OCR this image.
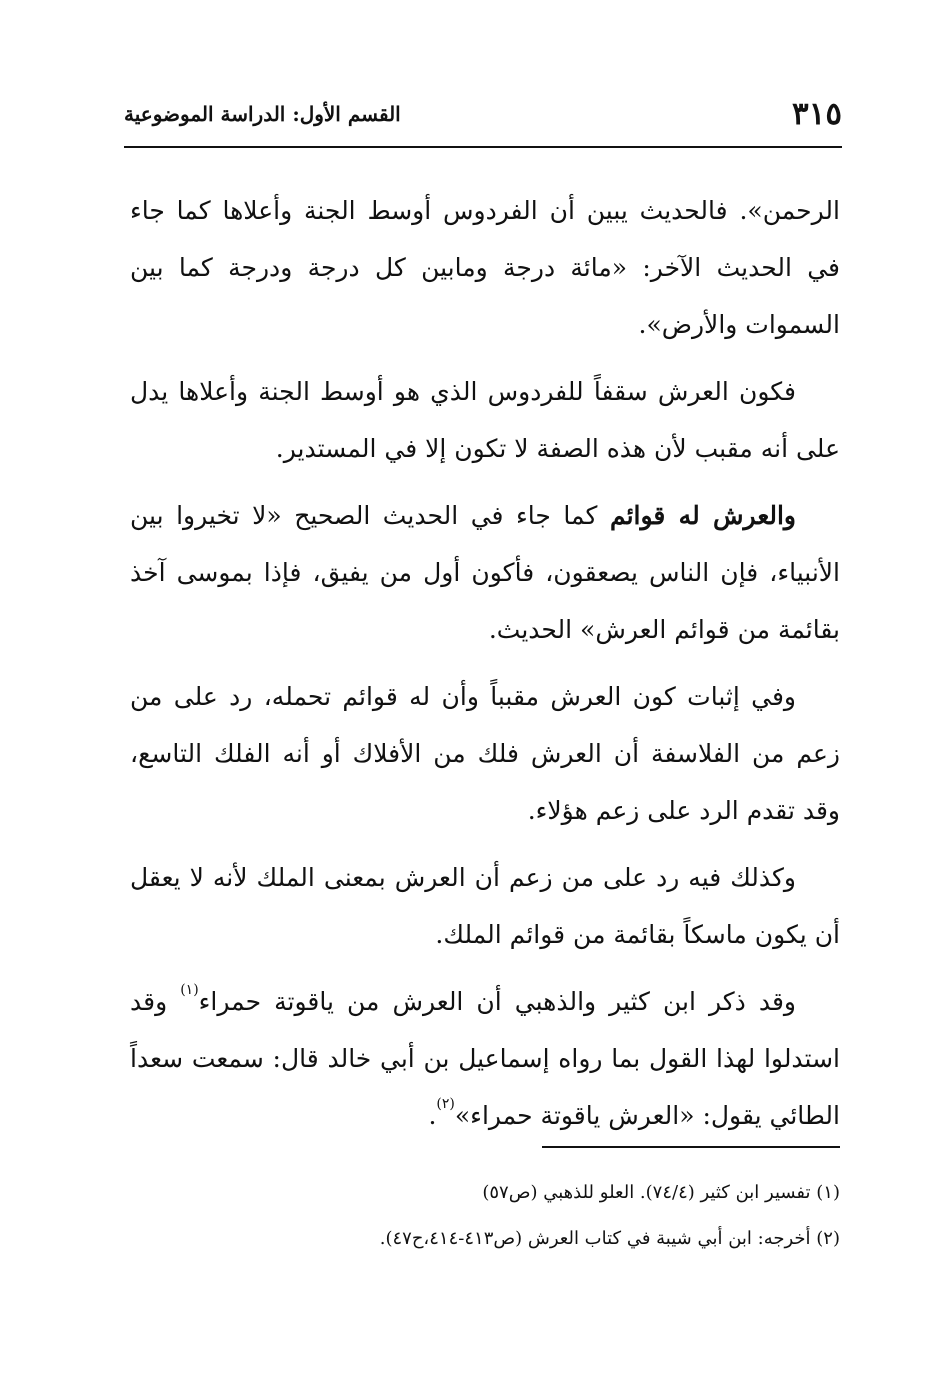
٣١٥
القسم الأول: الدراسة الموضوعية

الرحمن». فالحديث يبين أن الفردوس أوسط الجنة وأعلاها كما جاء في الحديث الآخر: «مائة درجة ومابين كل درجة ودرجة كما بين السموات والأرض».

فكون العرش سقفاً للفردوس الذي هو أوسط الجنة وأعلاها يدل على أنه مقبب لأن هذه الصفة لا تكون إلا في المستدير.

والعرش له قوائم كما جاء في الحديث الصحيح «لا تخيروا بين الأنبياء، فإن الناس يصعقون، فأكون أول من يفيق، فإذا بموسى آخذ بقائمة من قوائم العرش» الحديث.

وفي إثبات كون العرش مقبباً وأن له قوائم تحمله، رد على من زعم من الفلاسفة أن العرش فلك من الأفلاك أو أنه الفلك التاسع، وقد تقدم الرد على زعم هؤلاء.

وكذلك فيه رد على من زعم أن العرش بمعنى الملك لأنه لا يعقل أن يكون ماسكاً بقائمة من قوائم الملك.

وقد ذكر ابن كثير والذهبي أن العرش من ياقوتة حمراء$^{(١)}$ وقد استدلوا لهذا القول بما رواه إسماعيل بن أبي خالد قال: سمعت سعداً الطائي يقول: «العرش ياقوتة حمراء»$^{(٢)}$.

(١) تفسير ابن كثير (٧٤/٤). العلو للذهبي (ص٥٧)

(٢) أخرجه: ابن أبي شيبة في كتاب العرش (ص٤١٣-٤١٤،ح٤٧).
